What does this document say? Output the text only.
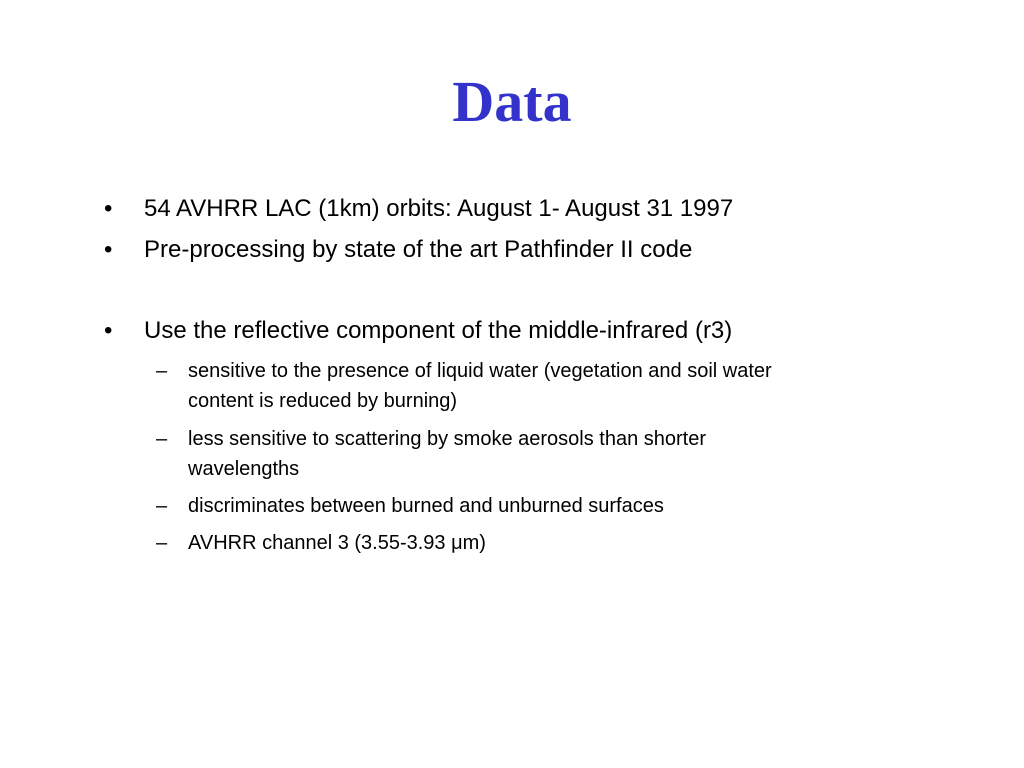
Data
•	54 AVHRR LAC (1km) orbits: August 1- August 31 1997
•	Pre-processing by state of the art Pathfinder II code
•	Use the reflective component of the middle-infrared (r3)
–	sensitive to the presence of liquid water (vegetation and soil water
content is reduced by burning)
–	less sensitive to scattering by smoke aerosols than shorter
wavelengths
–	discriminates between burned and unburned surfaces
–	AVHRR channel 3 (3.55-3.93 μm)
